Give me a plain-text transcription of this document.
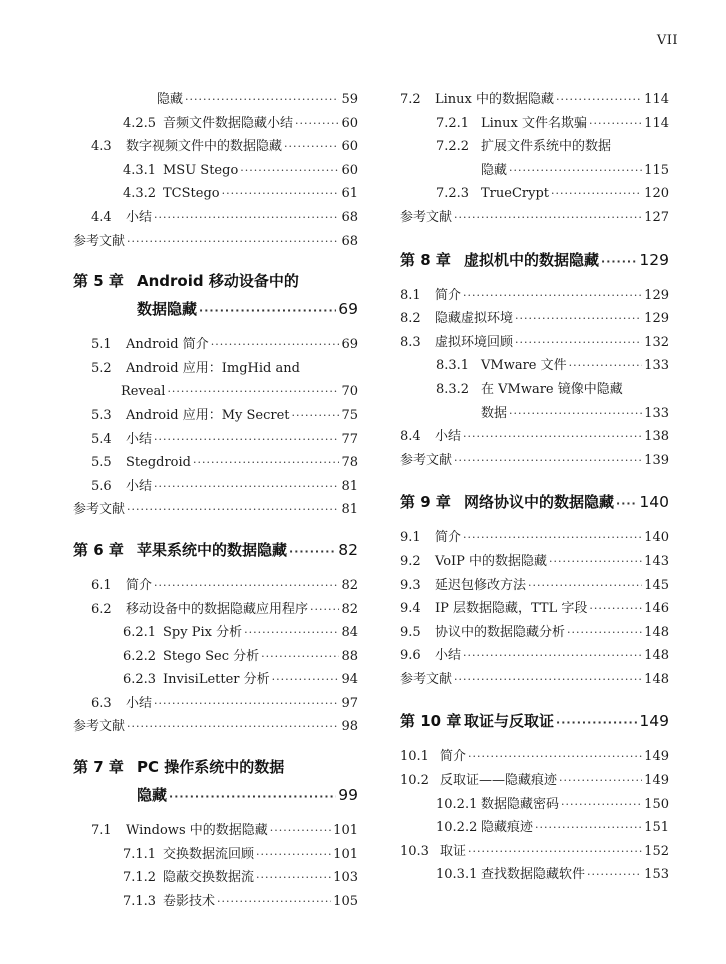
VII
隐藏 ·····	59
4.2.5 音频文件数据隐藏小结 ·····	60
4.3	数字视频文件中的数据隐藏 ·····	60
4.3.1 MSU Stego ·····	60
4.3.2 TCStego ·····	61
4.4	小结 ·····	68
参考文献 ·····	68
第 5 章 Android 移动设备中的
数据隐藏 ·····	69
5.1	Android 简介 ·····	69
5.2	Android 应用：ImgHid and
Reveal ·····	70
5.3	Android 应用：My Secret ·····	75
5.4	小结 ·····	77
5.5	Stegdroid ·····	78
5.6	小结 ·····	81
参考文献 ·····	81
第 6 章 苹果系统中的数据隐藏 ·····	82
6.1	简介 ·····	82
6.2	移动设备中的数据隐藏应用程序 ·····	82
6.2.1 Spy Pix 分析 ·····	84
6.2.2 Stego Sec 分析 ·····	88
6.2.3 InvisiLetter 分析 ·····	94
6.3	小结 ·····	97
参考文献 ·····	98
第 7 章 PC 操作系统中的数据
隐藏 ·····	99
7.1	Windows 中的数据隐藏 ·····	101
7.1.1 交换数据流回顾 ·····	101
7.1.2 隐蔽交换数据流 ·····	103
7.1.3 卷影技术 ·····	105
7.2	Linux 中的数据隐藏 ·····	114
7.2.1 Linux 文件名欺骗 ·····	114
7.2.2 扩展文件系统中的数据
隐藏 ·····	115
7.2.3 TrueCrypt ·····	120
参考文献 ·····	127
第 8 章 虚拟机中的数据隐藏 ·····	129
8.1	简介 ·····	129
8.2	隐藏虚拟环境 ·····	129
8.3	虚拟环境回顾 ·····	132
8.3.1 VMware 文件 ·····	133
8.3.2 在 VMware 镜像中隐藏
数据 ·····	133
8.4	小结 ·····	138
参考文献 ·····	139
第 9 章 网络协议中的数据隐藏 ····· 140
9.1	简介 ·····	140
9.2	VoIP 中的数据隐藏 ·····	143
9.3	延迟包修改方法 ·····	145
9.4	IP 层数据隐藏，TTL 字段 ·····	146
9.5	协议中的数据隐藏分析 ·····	148
9.6	小结 ·····	148
参考文献 ·····	148
第 10 章 取证与反取证 ·····	149
10.1 简介 ·····	149
10.2 反取证——隐藏痕迹 ·····	149
10.2.1 数据隐藏密码 ·····	150
10.2.2 隐藏痕迹 ·····	151
10.3 取证 ·····	152
10.3.1 查找数据隐藏软件 ·····	153
